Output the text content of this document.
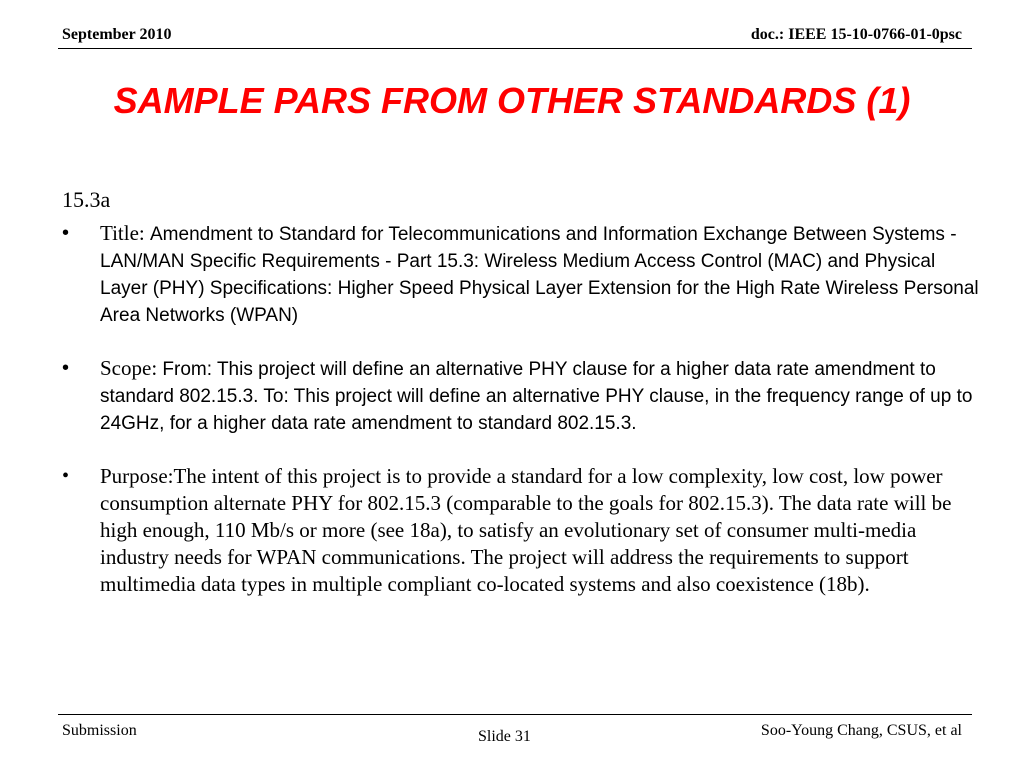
September 2010	doc.: IEEE 15-10-0766-01-0psc
SAMPLE PARS FROM OTHER STANDARDS (1)
15.3a
• Title: Amendment to Standard for Telecommunications and Information Exchange Between Systems - LAN/MAN Specific Requirements - Part 15.3: Wireless Medium Access Control (MAC) and Physical Layer (PHY) Specifications: Higher Speed Physical Layer Extension for the High Rate Wireless Personal Area Networks (WPAN)
• Scope: From: This project will define an alternative PHY clause for a higher data rate amendment to standard 802.15.3. To: This project will define an alternative PHY clause, in the frequency range of up to 24GHz, for a higher data rate amendment to standard 802.15.3.
• Purpose:The intent of this project is to provide a standard for a low complexity, low cost, low power consumption alternate PHY for 802.15.3 (comparable to the goals for 802.15.3). The data rate will be high enough, 110 Mb/s or more (see 18a), to satisfy an evolutionary set of consumer multi-media industry needs for WPAN communications. The project will address the requirements to support multimedia data types in multiple compliant co-located systems and also coexistence (18b).
Submission	Slide 31	Soo-Young Chang, CSUS, et al
